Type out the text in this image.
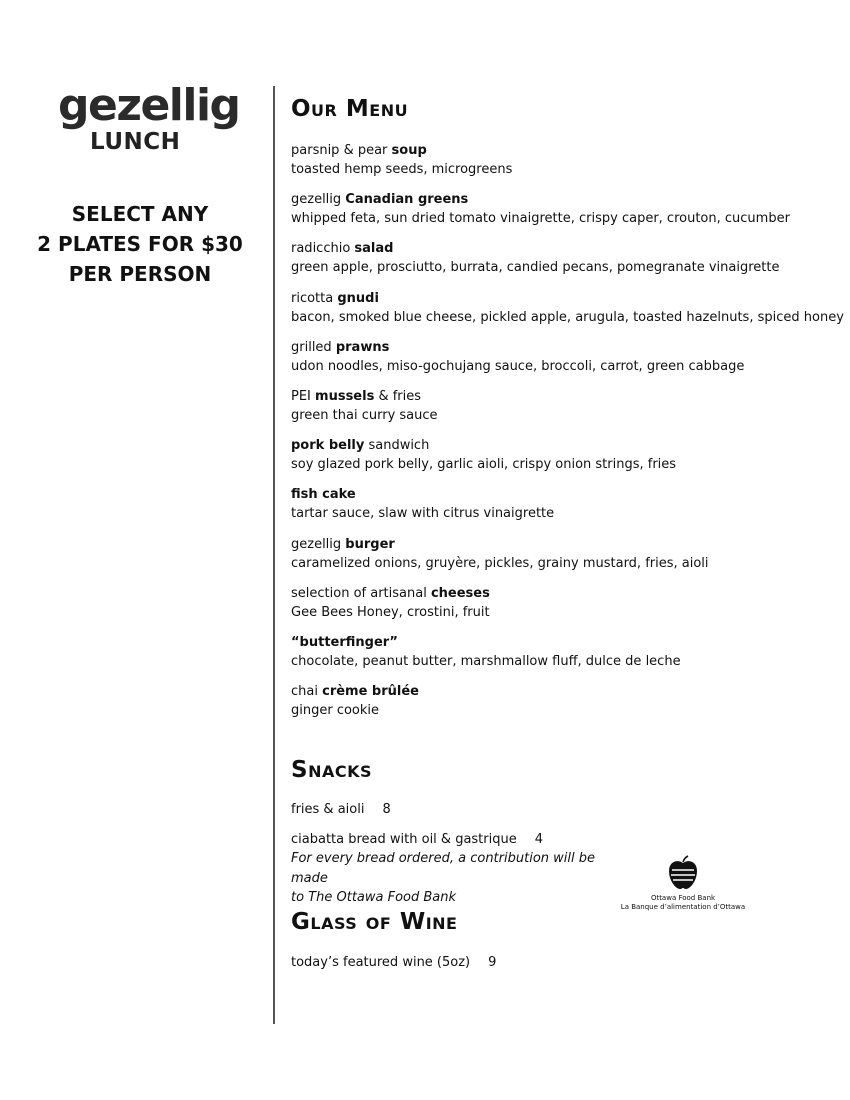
gezellig
LUNCH
SELECT ANY
2 PLATES FOR $30
PER PERSON
Our Menu
parsnip & pear soup
toasted hemp seeds, microgreens
gezellig Canadian greens
whipped feta, sun dried tomato vinaigrette, crispy caper, crouton, cucumber
radicchio salad
green apple, prosciutto, burrata, candied pecans, pomegranate vinaigrette
ricotta gnudi
bacon, smoked blue cheese, pickled apple, arugula, toasted hazelnuts, spiced honey
grilled prawns
udon noodles, miso-gochujang sauce, broccoli, carrot, green cabbage
PEI mussels & fries
green thai curry sauce
pork belly sandwich
soy glazed pork belly, garlic aioli, crispy onion strings, fries
fish cake
tartar sauce, slaw with citrus vinaigrette
gezellig burger
caramelized onions, gruyère, pickles, grainy mustard, fries, aioli
selection of artisanal cheeses
Gee Bees Honey, crostini, fruit
“butterfinger”
chocolate, peanut butter, marshmallow fluff, dulce de leche
chai crème brûlée
ginger cookie
Snacks
fries & aioli 8
ciabatta bread with oil & gastrique 4
For every bread ordered, a contribution will be made
to The Ottawa Food Bank
Glass of Wine
today’s featured wine (5oz) 9
Ottawa Food Bank
La Banque d’alimentation d’Ottawa
